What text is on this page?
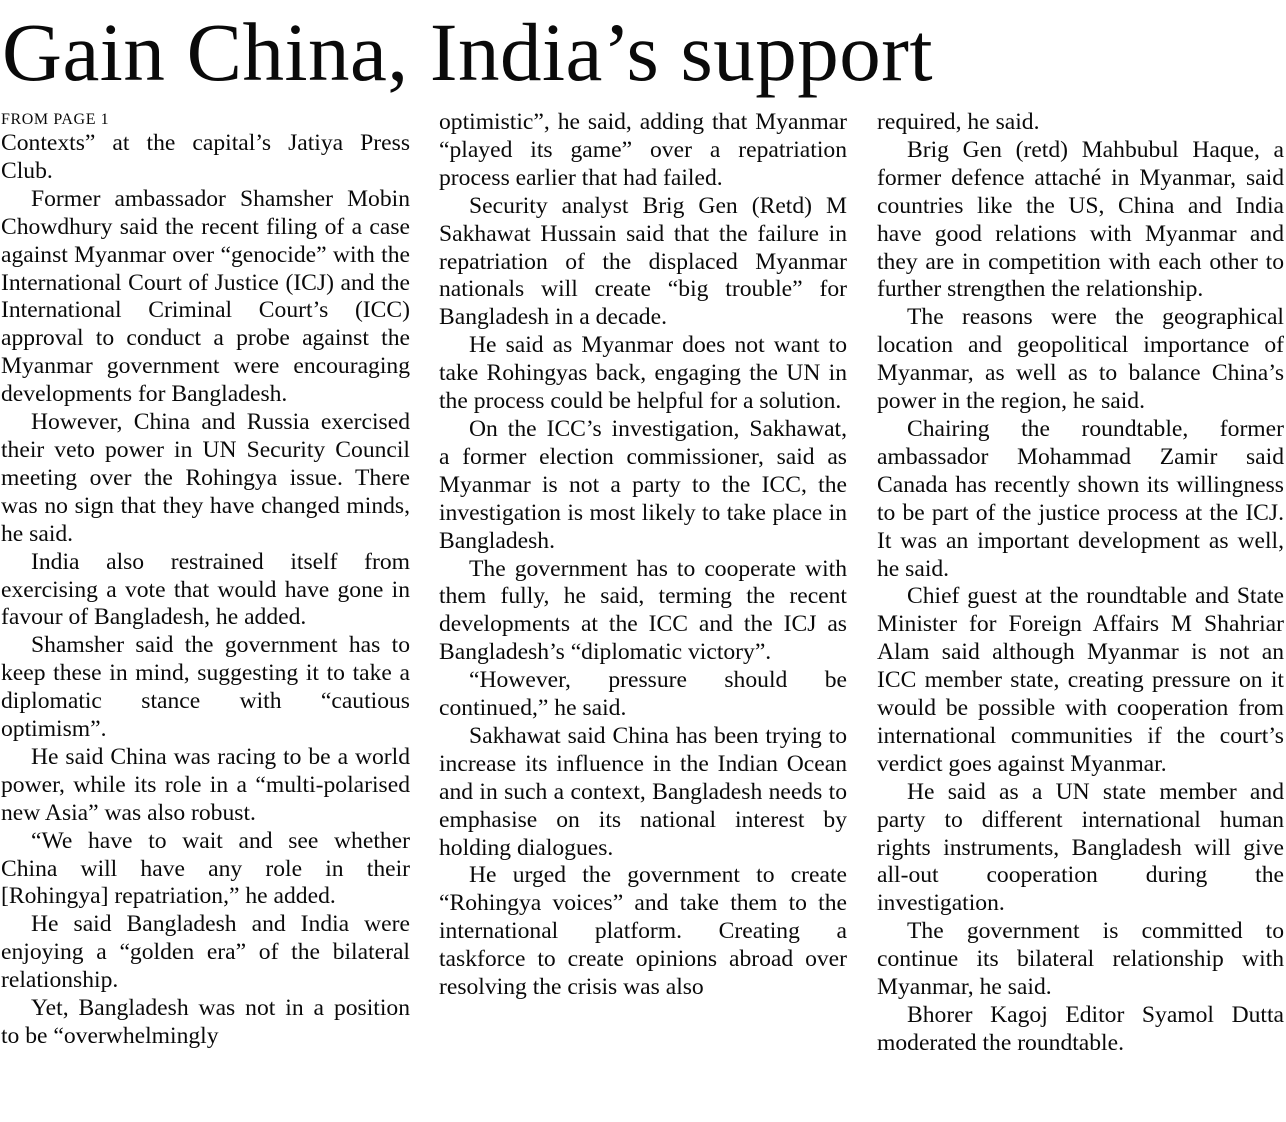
Gain China, India’s support
FROM PAGE 1

Contexts” at the capital’s Jatiya Press Club.

Former ambassador Shamsher Mobin Chowdhury said the recent filing of a case against Myanmar over “genocide” with the International Court of Justice (ICJ) and the International Criminal Court’s (ICC) approval to conduct a probe against the Myanmar government were encouraging developments for Bangladesh.

However, China and Russia exercised their veto power in UN Security Council meeting over the Rohingya issue. There was no sign that they have changed minds, he said.

India also restrained itself from exercising a vote that would have gone in favour of Bangladesh, he added.

Shamsher said the government has to keep these in mind, suggesting it to take a diplomatic stance with “cautious optimism”.

He said China was racing to be a world power, while its role in a “multi-polarised new Asia” was also robust.

“We have to wait and see whether China will have any role in their [Rohingya] repatriation,” he added.

He said Bangladesh and India were enjoying a “golden era” of the bilateral relationship.

Yet, Bangladesh was not in a position to be “overwhelmingly

optimistic”, he said, adding that Myanmar “played its game” over a repatriation process earlier that had failed.

Security analyst Brig Gen (Retd) M Sakhawat Hussain said that the failure in repatriation of the displaced Myanmar nationals will create “big trouble” for Bangladesh in a decade.

He said as Myanmar does not want to take Rohingyas back, engaging the UN in the process could be helpful for a solution.

On the ICC’s investigation, Sakhawat, a former election commissioner, said as Myanmar is not a party to the ICC, the investigation is most likely to take place in Bangladesh.

The government has to cooperate with them fully, he said, terming the recent developments at the ICC and the ICJ as Bangladesh’s “diplomatic victory”.

“However, pressure should be continued,” he said.

Sakhawat said China has been trying to increase its influence in the Indian Ocean and in such a context, Bangladesh needs to emphasise on its national interest by holding dialogues.

He urged the government to create “Rohingya voices” and take them to the international platform. Creating a taskforce to create opinions abroad over resolving the crisis was also

required, he said.

Brig Gen (retd) Mahbubul Haque, a former defence attaché in Myanmar, said countries like the US, China and India have good relations with Myanmar and they are in competition with each other to further strengthen the relationship.

The reasons were the geographical location and geopolitical importance of Myanmar, as well as to balance China’s power in the region, he said.

Chairing the roundtable, former ambassador Mohammad Zamir said Canada has recently shown its willingness to be part of the justice process at the ICJ. It was an important development as well, he said.

Chief guest at the roundtable and State Minister for Foreign Affairs M Shahriar Alam said although Myanmar is not an ICC member state, creating pressure on it would be possible with cooperation from international communities if the court’s verdict goes against Myanmar.

He said as a UN state member and party to different international human rights instruments, Bangladesh will give all-out cooperation during the investigation.

The government is committed to continue its bilateral relationship with Myanmar, he said.

Bhorer Kagoj Editor Syamol Dutta moderated the roundtable.
